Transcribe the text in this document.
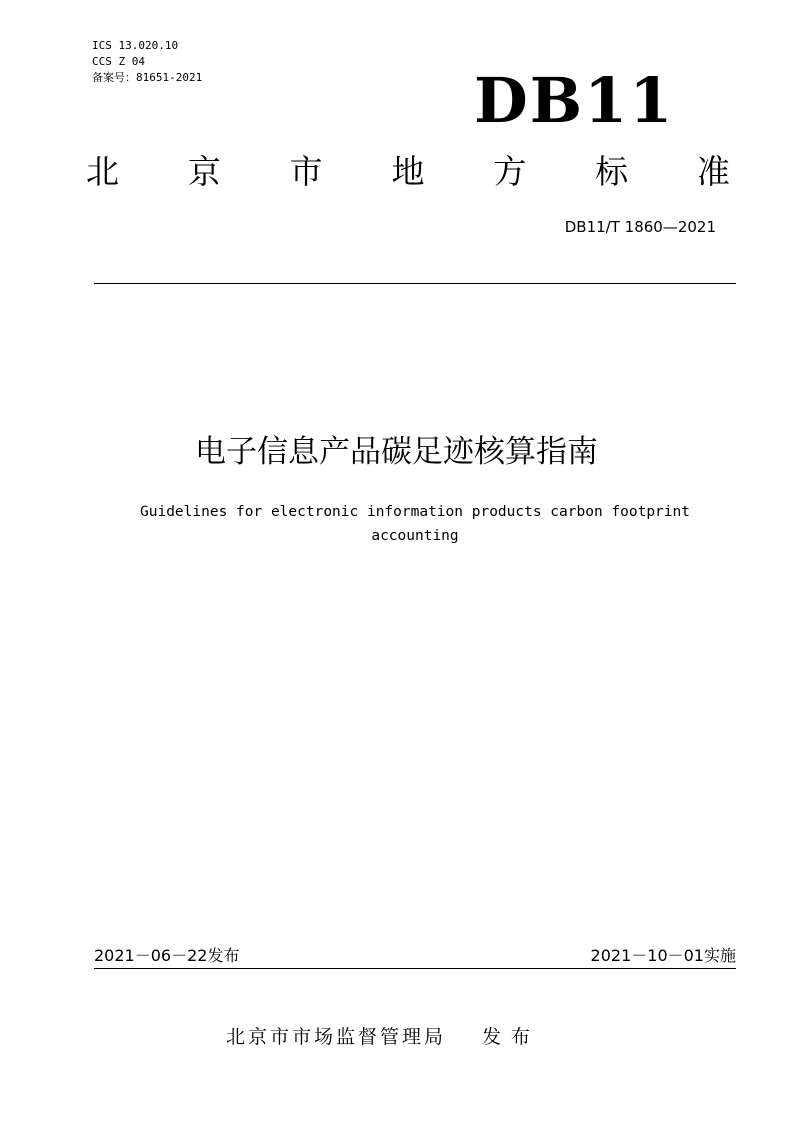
ICS 13.020.10
CCS Z 04
备案号：81651-2021	DB11
北 京 市 地 方 标 准
DB11/T 1860—2021
电子信息产品碳足迹核算指南
Guidelines for electronic information products carbon footprint accounting
2021－06－22发布	2021－10－01实施
北京市市场监督管理局 发布
